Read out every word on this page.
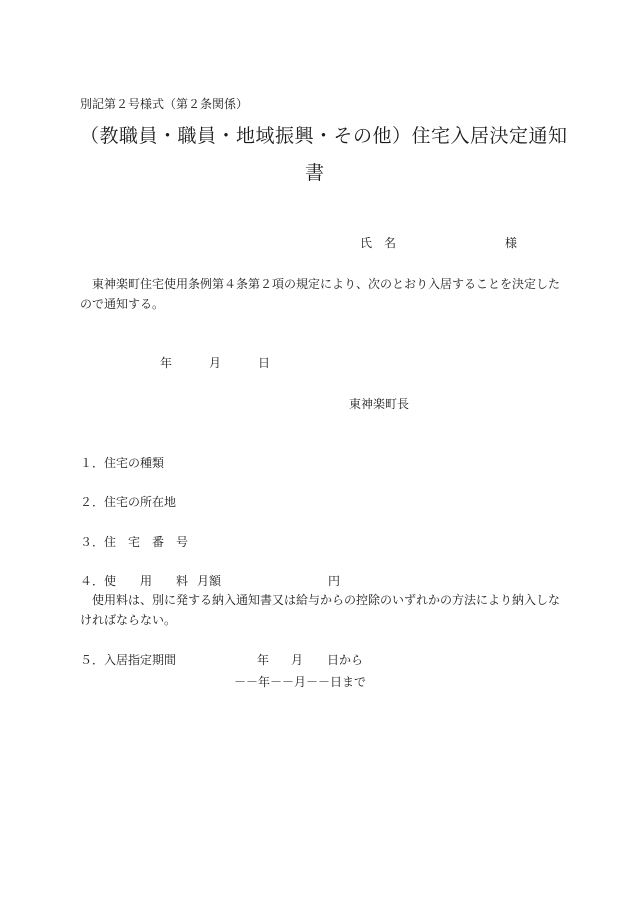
別記第２号様式（第２条関係）
（教職員・職員・地域振興・その他）住宅入居決定通知
書
氏　名	様
東神楽町住宅使用条例第４条第２項の規定により、次のとおり入居することを決定したので通知する。
年	月	日
東神楽町長
１．住宅の種類
２．住宅の所在地
３．住　宅　番　号
４．使　　用　　料 月額	円
使用料は、別に発する納入通知書又は給与からの控除のいずれかの方法により納入しなければならない。
５．入居指定期間	年 月 日から
－－年－－月－－日まで
